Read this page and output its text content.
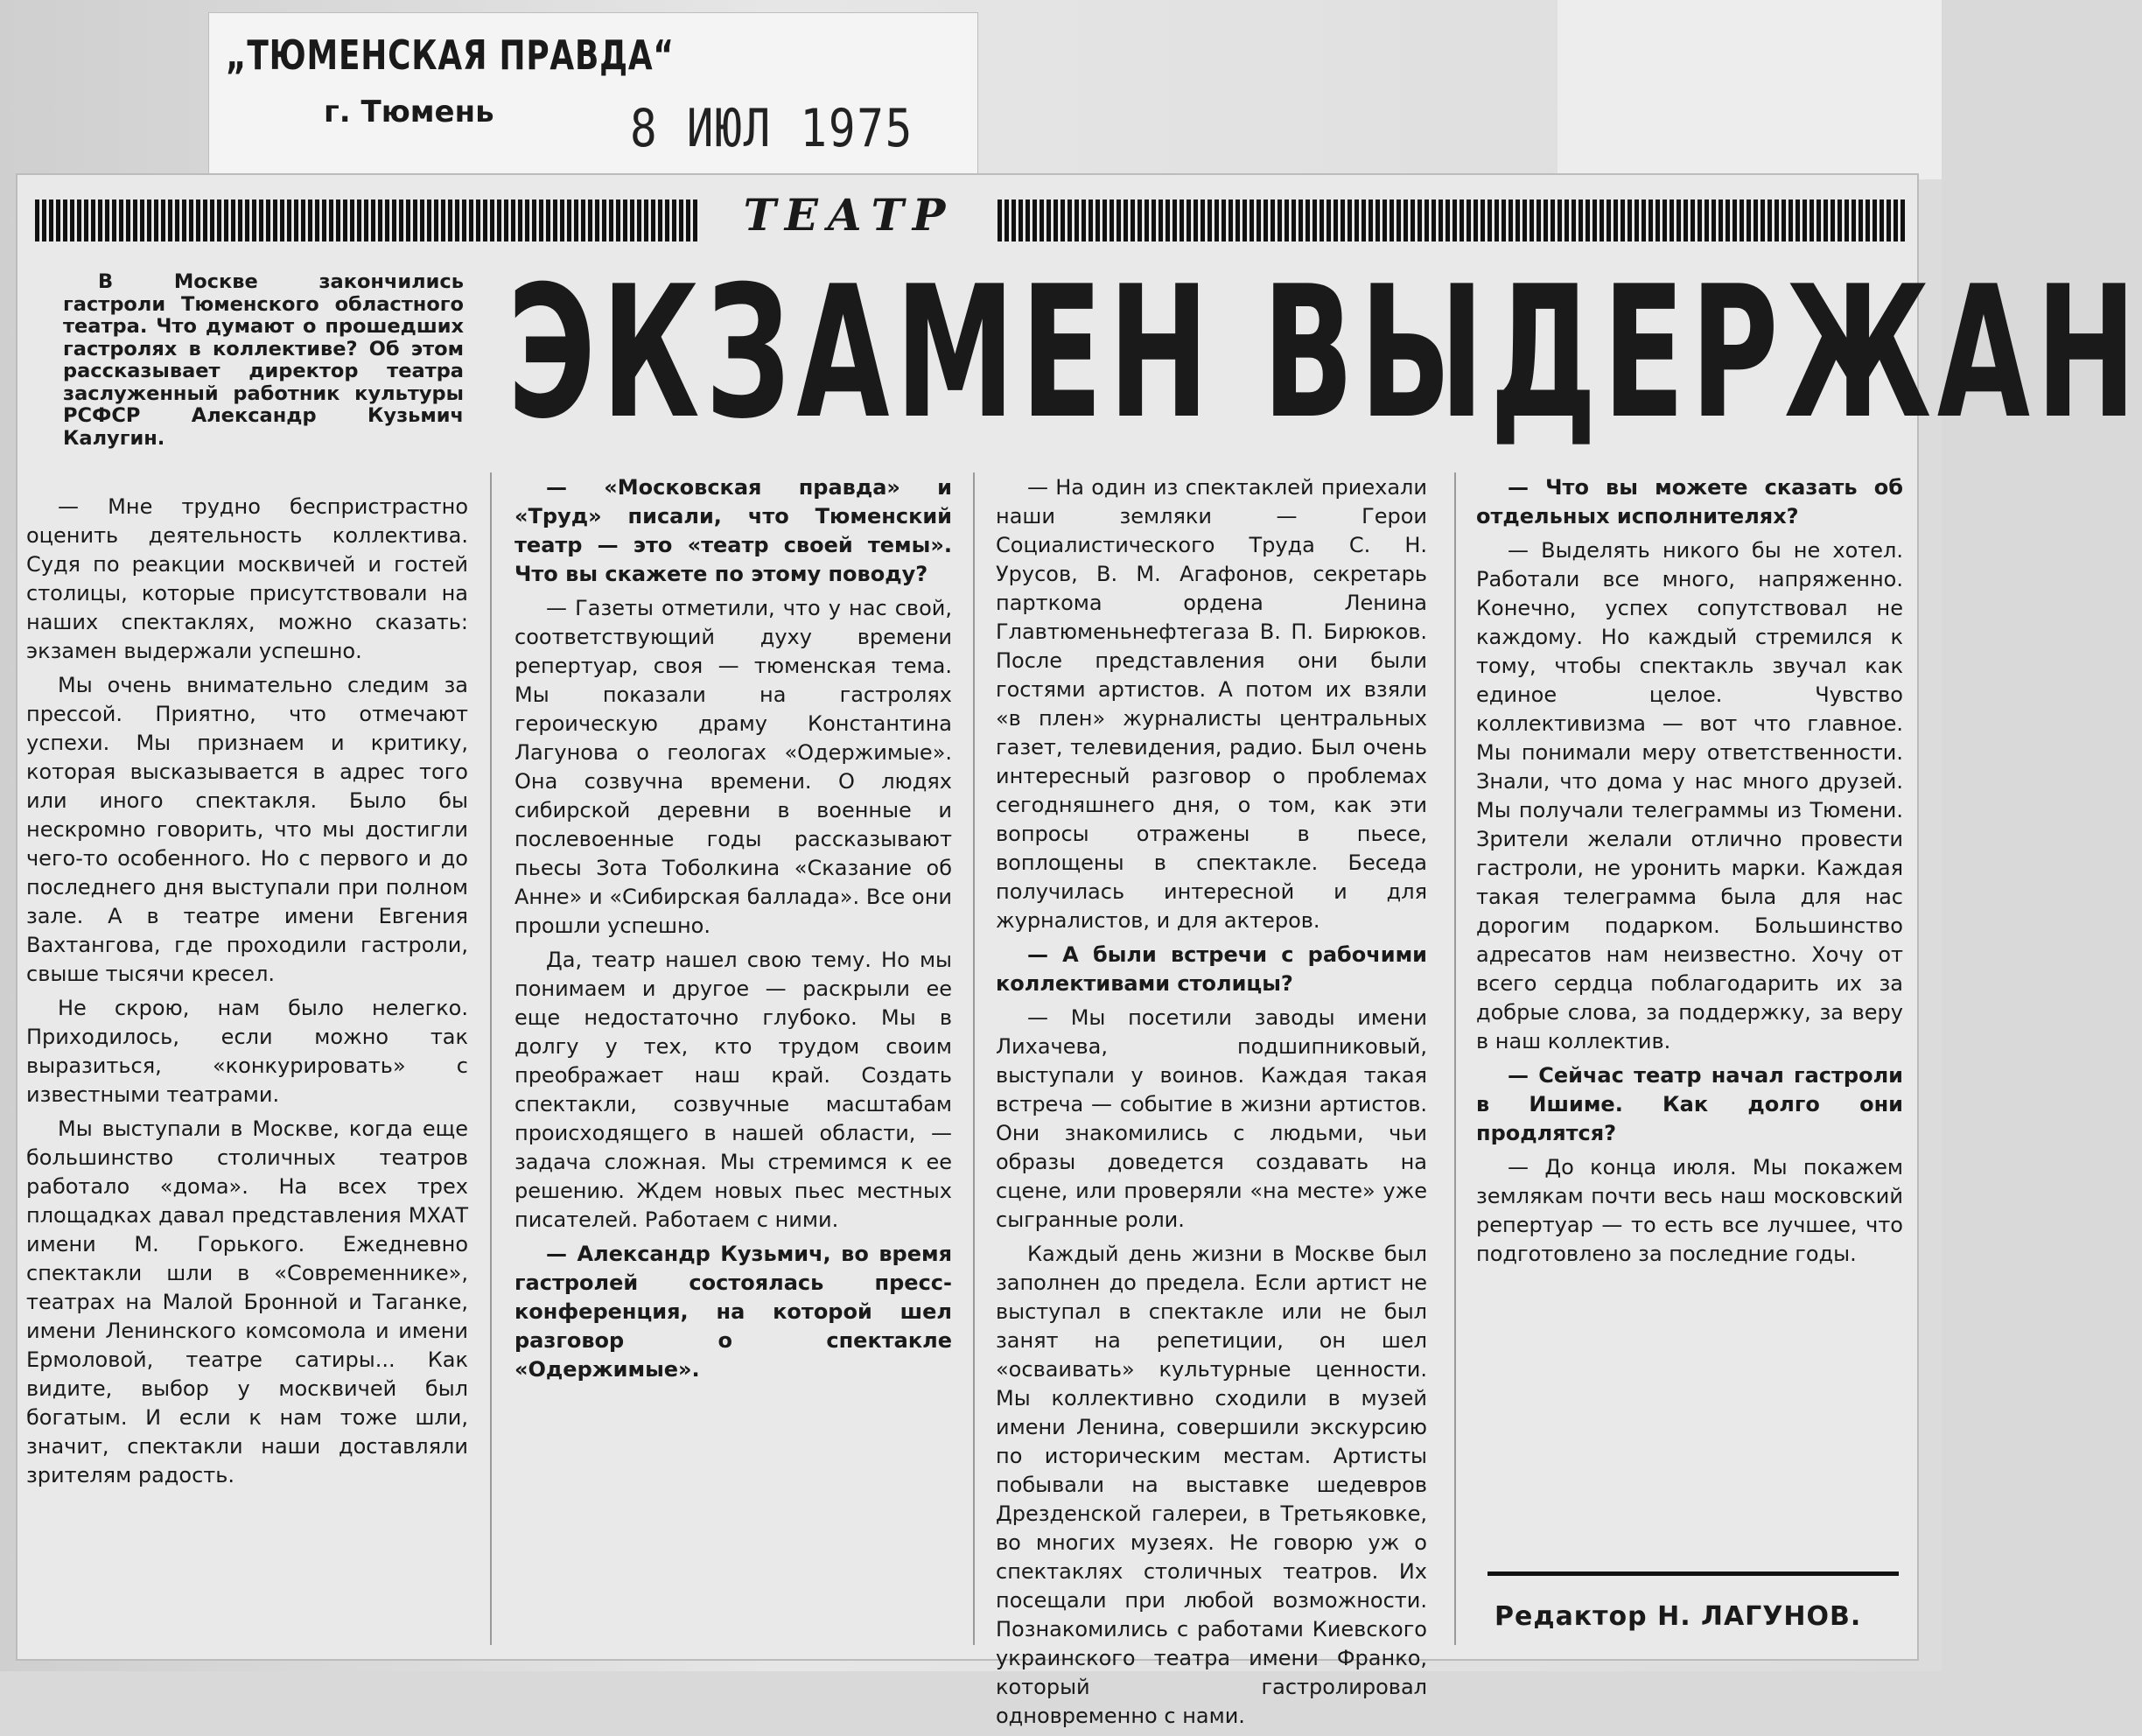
„ТЮМЕНСКАЯ ПРАВДА“
г. Тюмень	8 ИЮЛ 1975
ТЕАТР
ЭКЗАМЕН ВЫДЕРЖАН

В Москве закончились гастроли Тюменского областного театра. Что думают о прошедших гастролях в коллективе? Об этом рассказывает директор театра заслуженный работник культуры РСФСР Александр Кузьмич Калугин.

— Мне трудно беспристрастно оценить деятельность коллектива. Судя по реакции москвичей и гостей столицы, которые присутствовали на наших спектаклях, можно сказать: экзамен выдержали успешно.

Мы очень внимательно следим за прессой. Приятно, что отмечают успехи. Мы признаем и критику, которая высказывается в адрес того или иного спектакля. Было бы нескромно говорить, что мы достигли чего-то особенного. Но с первого и до последнего дня выступали при полном зале. А в театре имени Евгения Вахтангова, где проходили гастроли, свыше тысячи кресел.

Не скрою, нам было нелегко. Приходилось, если можно так выразиться, «конкурировать» с известными театрами.

Мы выступали в Москве, когда еще большинство столичных театров работало «дома». На всех трех площадках давал представления МХАТ имени М. Горького. Ежедневно спектакли шли в «Современнике», театрах на Малой Бронной и Таганке, имени Ленинского комсомола и имени Ермоловой, театре сатиры... Как видите, выбор у москвичей был богатым. И если к нам тоже шли, значит, спектакли наши доставляли зрителям радость.

— «Московская правда» и «Труд» писали, что Тюменский театр — это «театр своей темы». Что вы скажете по этому поводу?

— Газеты отметили, что у нас свой, соответствующий духу времени репертуар, своя — тюменская тема. Мы показали на гастролях героическую драму Константина Лагунова о геологах «Одержимые». Она созвучна времени. О людях сибирской деревни в военные и послевоенные годы рассказывают пьесы Зота Тоболкина «Сказание об Анне» и «Сибирская баллада». Все они прошли успешно.

Да, театр нашел свою тему. Но мы понимаем и другое — раскрыли ее еще недостаточно глубоко. Мы в долгу у тех, кто трудом своим преображает наш край. Создать спектакли, созвучные масштабам происходящего в нашей области, — задача сложная. Мы стремимся к ее решению. Ждем новых пьес местных писателей. Работаем с ними.

— Александр Кузьмич, во время гастролей состоялась пресс-конференция, на которой шел разговор о спектакле «Одержимые».

— На один из спектаклей приехали наши земляки — Герои Социалистического Труда С. Н. Урусов, В. М. Агафонов, секретарь парткома ордена Ленина Главтюменьнефтегаза В. П. Бирюков. После представления они были гостями артистов. А потом их взяли «в плен» журналисты центральных газет, телевидения, радио. Был очень интересный разговор о проблемах сегодняшнего дня, о том, как эти вопросы отражены в пьесе, воплощены в спектакле. Беседа получилась интересной и для журналистов, и для актеров.

— А были встречи с рабочими коллективами столицы?

— Мы посетили заводы имени Лихачева, подшипниковый, выступали у воинов. Каждая такая встреча — событие в жизни артистов. Они знакомились с людьми, чьи образы доведется создавать на сцене, или проверяли «на месте» уже сыгранные роли.

Каждый день жизни в Москве был заполнен до предела. Если артист не выступал в спектакле или не был занят на репетиции, он шел «осваивать» культурные ценности. Мы коллективно сходили в музей имени Ленина, совершили экскурсию по историческим местам. Артисты побывали на выставке шедевров Дрезденской галереи, в Третьяковке, во многих музеях. Не говорю уж о спектаклях столичных театров. Их посещали при любой возможности. Познакомились с работами Киевского украинского театра имени Франко, который гастролировал одновременно с нами.

— Что вы можете сказать об отдельных исполнителях?

— Выделять никого бы не хотел. Работали все много, напряженно. Конечно, успех сопутствовал не каждому. Но каждый стремился к тому, чтобы спектакль звучал как единое целое. Чувство коллективизма — вот что главное. Мы понимали меру ответственности. Знали, что дома у нас много друзей. Мы получали телеграммы из Тюмени. Зрители желали отлично провести гастроли, не уронить марки. Каждая такая телеграмма была для нас дорогим подарком. Большинство адресатов нам неизвестно. Хочу от всего сердца поблагодарить их за добрые слова, за поддержку, за веру в наш коллектив.

— Сейчас театр начал гастроли в Ишиме. Как долго они продлятся?

— До конца июля. Мы покажем землякам почти весь наш московский репертуар — то есть все лучшее, что подготовлено за последние годы.

Редактор Н. ЛАГУНОВ.
